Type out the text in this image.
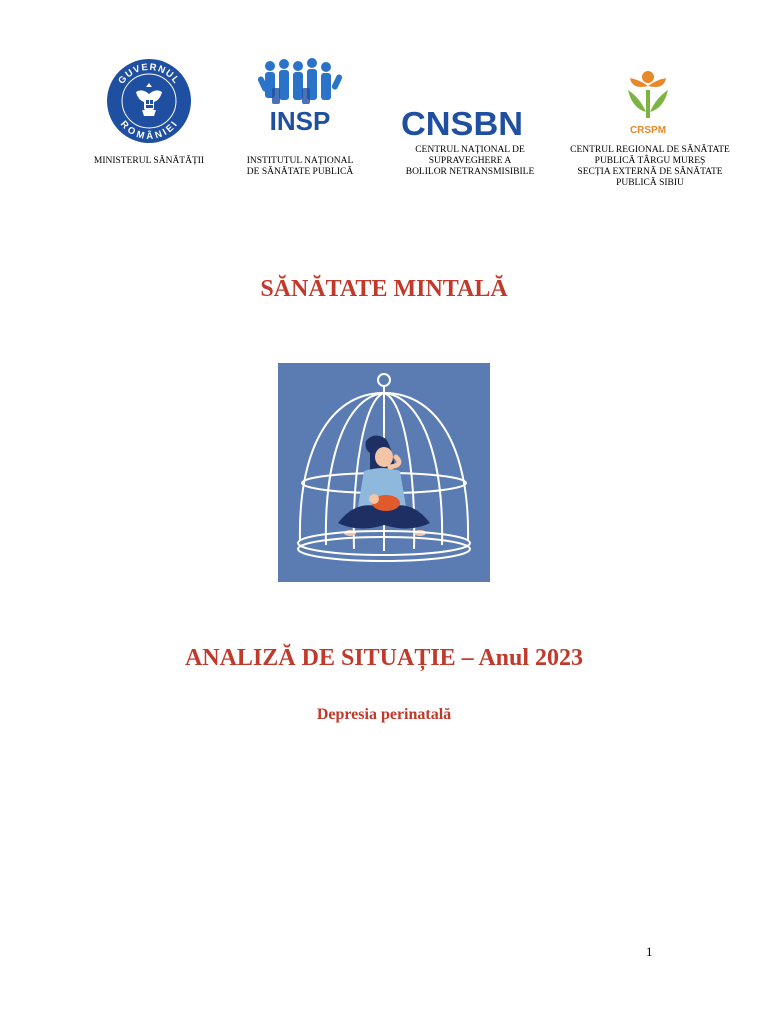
GUVERNUL
ROMÂNIEI	INSP CNSBN	CRSPM
MINISTERUL SĂNĂTĂȚII	INSTITUTUL NAȚIONAL
DE SĂNĂTATE PUBLICĂ
CENTRUL NAȚIONAL DE
SUPRAVEGHERE A
BOLILOR NETRANSMISIBILE
CENTRUL REGIONAL DE SĂNĂTATE
PUBLICĂ TÂRGU MUREȘ
SECȚIA EXTERNĂ DE SĂNĂTATE
PUBLICĂ SIBIU
SĂNĂTATE MINTALĂ
ANALIZĂ DE SITUAȚIE – Anul 2023
Depresia perinatală
1
